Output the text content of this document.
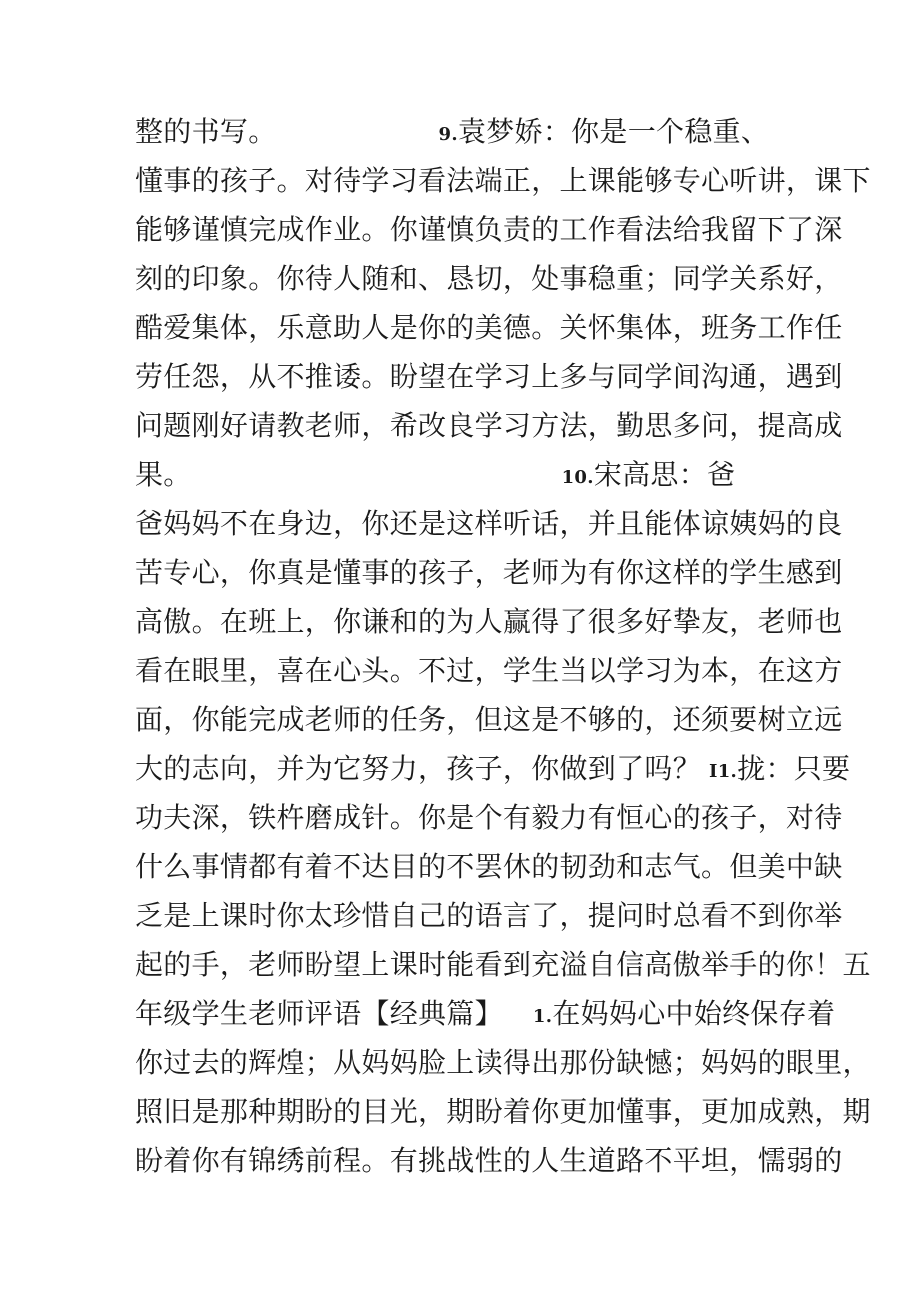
整的书写。	9.袁梦娇：你是一个稳重、
懂事的孩子。对待学习看法端正，上课能够专心听讲，课下
能够谨慎完成作业。你谨慎负责的工作看法给我留下了深
刻的印象。你待人随和、恳切，处事稳重；同学关系好，
酷爱集体，乐意助人是你的美德。关怀集体，班务工作任
劳任怨，从不推诿。盼望在学习上多与同学间沟通，遇到
问题刚好请教老师，希改良学习方法，勤思多问，提高成
果。	10.宋高思：爸
爸妈妈不在身边，你还是这样听话，并且能体谅姨妈的良
苦专心，你真是懂事的孩子，老师为有你这样的学生感到
高傲。在班上，你谦和的为人赢得了很多好挚友，老师也
看在眼里，喜在心头。不过，学生当以学习为本，在这方
面，你能完成老师的任务，但这是不够的，还须要树立远
大的志向，并为它努力，孩子，你做到了吗？ I1.拢：只要
功夫深，铁杵磨成针。你是个有毅力有恒心的孩子，对待
什么事情都有着不达目的不罢休的韧劲和志气。但美中缺
乏是上课时你太珍惜自己的语言了，提问时总看不到你举
起的手，老师盼望上课时能看到充溢自信高傲举手的你！五
年级学生老师评语【经典篇】 1.在妈妈心中始终保存着
你过去的辉煌；从妈妈脸上读得出那份缺憾；妈妈的眼里，
照旧是那种期盼的目光，期盼着你更加懂事，更加成熟，期
盼着你有锦绣前程。有挑战性的人生道路不平坦，懦弱的
